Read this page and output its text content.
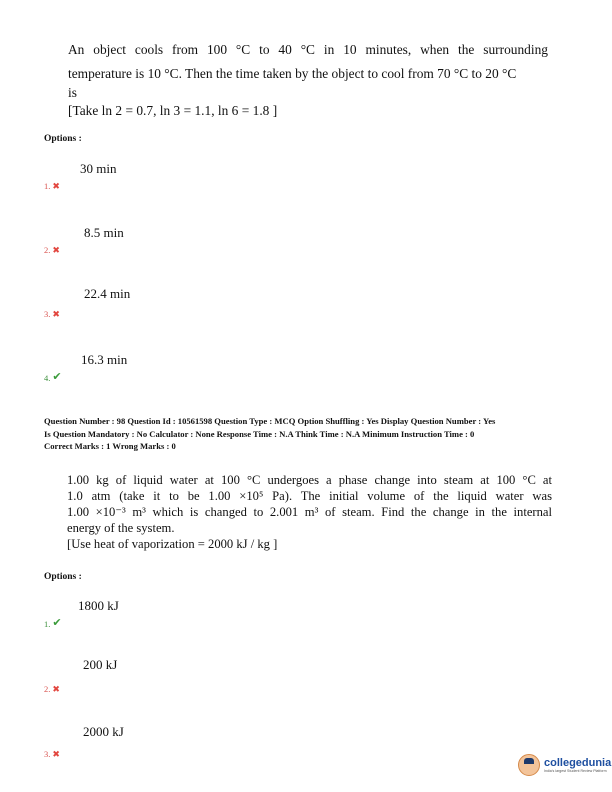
An object cools from 100 °C to 40 °C in 10 minutes, when the surrounding
temperature is 10 °C. Then the time taken by the object to cool from 70 °C to 20 °C
is
[Take ln 2 = 0.7, ln 3 = 1.1, ln 6 = 1.8 ]
Options :
30 min
1. ✖
8.5 min
2. ✖
22.4 min
3. ✖
16.3 min
4. ✔
Question Number : 98 Question Id : 10561598 Question Type : MCQ Option Shuffling : Yes Display Question Number : Yes
Is Question Mandatory : No Calculator : None Response Time : N.A Think Time : N.A Minimum Instruction Time : 0
Correct Marks : 1 Wrong Marks : 0
1.00 kg of liquid water at 100 °C undergoes a phase change into steam at 100 °C at
1.0 atm (take it to be 1.00 ×10⁵ Pa). The initial volume of the liquid water was
1.00 ×10⁻³ m³ which is changed to 2.001 m³ of steam. Find the change in the internal
energy of the system.
[Use heat of vaporization = 2000 kJ / kg ]
Options :
1800 kJ
1. ✔
200 kJ
2. ✖
2000 kJ
3. ✖
collegedunia
India's largest Student Review Platform
